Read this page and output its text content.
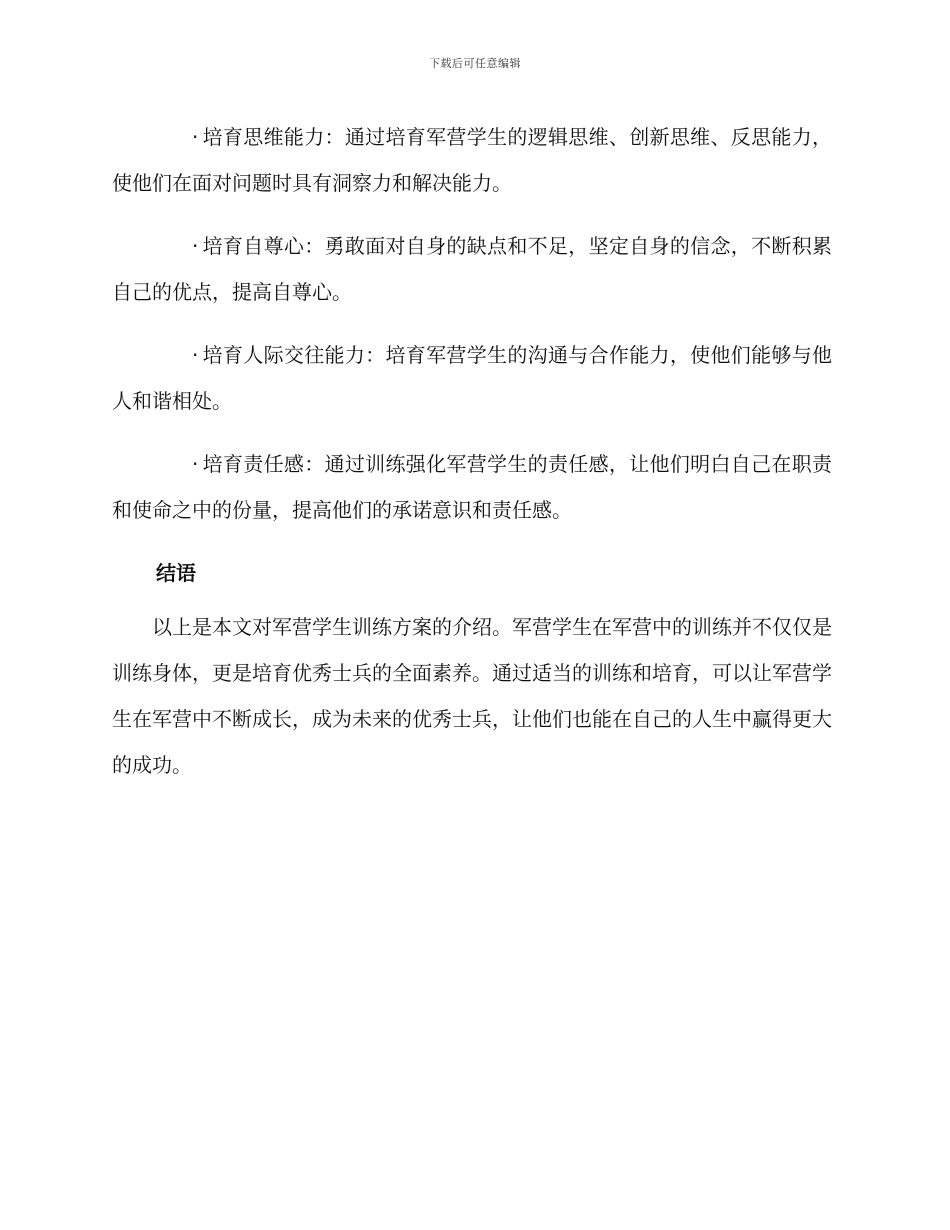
下载后可任意编辑

· 培育思维能力：通过培育军营学生的逻辑思维、创新思维、反思能力，使他们在面对问题时具有洞察力和解决能力。

· 培育自尊心：勇敢面对自身的缺点和不足，坚定自身的信念，不断积累自己的优点，提高自尊心。

· 培育人际交往能力：培育军营学生的沟通与合作能力，使他们能够与他人和谐相处。

· 培育责任感：通过训练强化军营学生的责任感，让他们明白自己在职责和使命之中的份量，提高他们的承诺意识和责任感。

结语

以上是本文对军营学生训练方案的介绍。军营学生在军营中的训练并不仅仅是训练身体，更是培育优秀士兵的全面素养。通过适当的训练和培育，可以让军营学生在军营中不断成长，成为未来的优秀士兵，让他们也能在自己的人生中赢得更大的成功。
